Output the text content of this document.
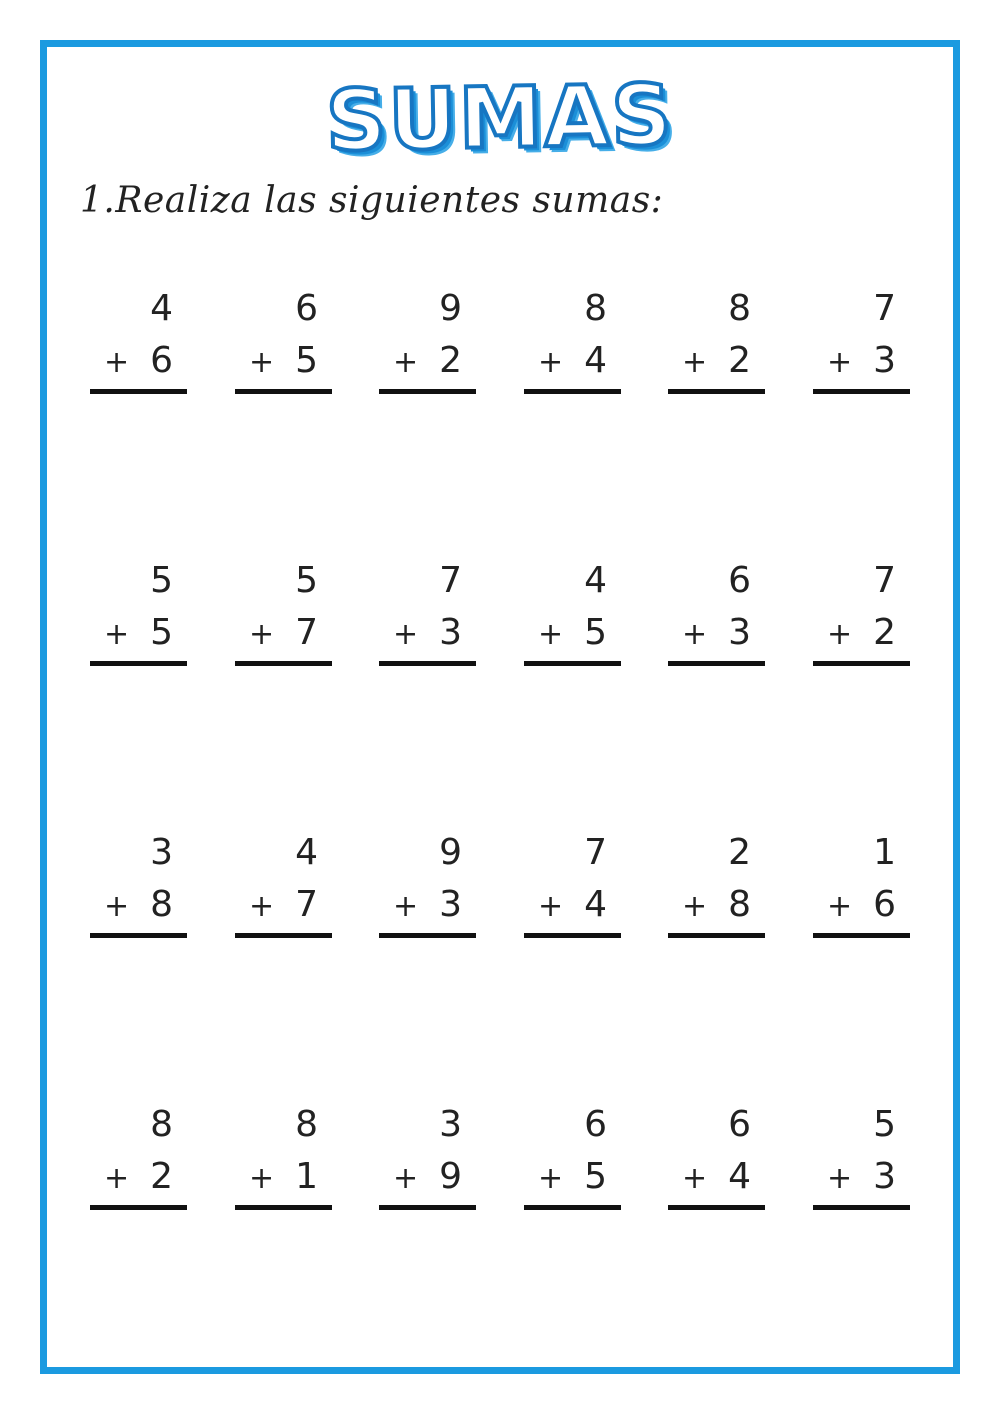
SUMAS
1.Realiza las siguientes sumas:
4
+ 6
6
+ 5
9
+ 2
8
+ 4
8
+ 2
7
+ 3
5
+ 5
5
+ 7
7
+ 3
4
+ 5
6
+ 3
7
+ 2
3
+ 8
4
+ 7
9
+ 3
7
+ 4
2
+ 8
1
+ 6
8
+ 2
8
+ 1
3
+ 9
6
+ 5
6
+ 4
5
+ 3
